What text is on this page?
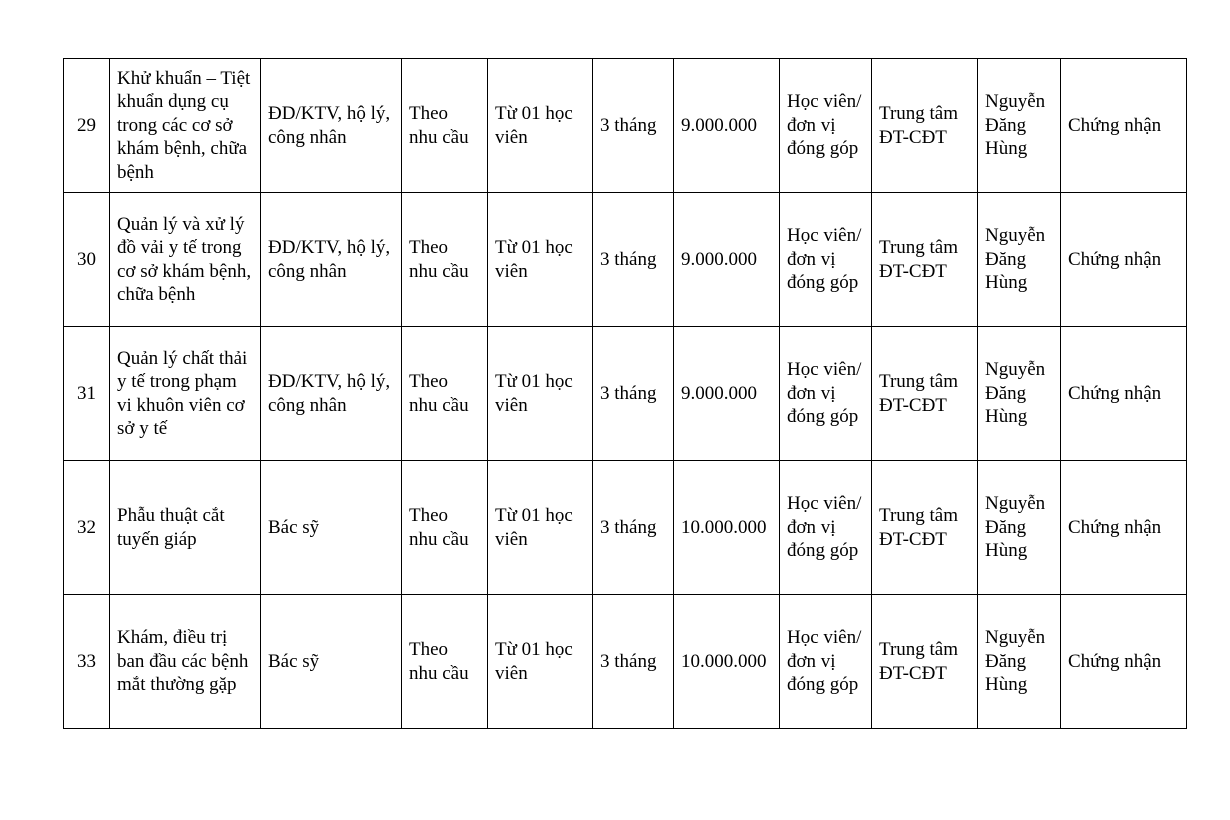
29	Khử khuẩn – Tiệt khuẩn dụng cụ trong các cơ sở khám bệnh, chữa bệnh	ĐD/KTV, hộ lý, công nhân	Theo nhu cầu	Từ 01 học viên	3 tháng	9.000.000	Học viên/ đơn vị đóng góp	Trung tâm ĐT-CĐT	Nguyễn Đăng Hùng	Chứng nhận
30	Quản lý và xử lý đồ vải y tế trong cơ sở khám bệnh, chữa bệnh	ĐD/KTV, hộ lý, công nhân	Theo nhu cầu	Từ 01 học viên	3 tháng	9.000.000	Học viên/ đơn vị đóng góp	Trung tâm ĐT-CĐT	Nguyễn Đăng Hùng	Chứng nhận
31	Quản lý chất thải y tế trong phạm vi khuôn viên cơ sở y tế	ĐD/KTV, hộ lý, công nhân	Theo nhu cầu	Từ 01 học viên	3 tháng	9.000.000	Học viên/ đơn vị đóng góp	Trung tâm ĐT-CĐT	Nguyễn Đăng Hùng	Chứng nhận
32	Phẫu thuật cắt tuyến giáp	Bác sỹ	Theo nhu cầu	Từ 01 học viên	3 tháng	10.000.000	Học viên/ đơn vị đóng góp	Trung tâm ĐT-CĐT	Nguyễn Đăng Hùng	Chứng nhận
33	Khám, điều trị ban đầu các bệnh mắt thường gặp	Bác sỹ	Theo nhu cầu	Từ 01 học viên	3 tháng	10.000.000	Học viên/ đơn vị đóng góp	Trung tâm ĐT-CĐT	Nguyễn Đăng Hùng	Chứng nhận
